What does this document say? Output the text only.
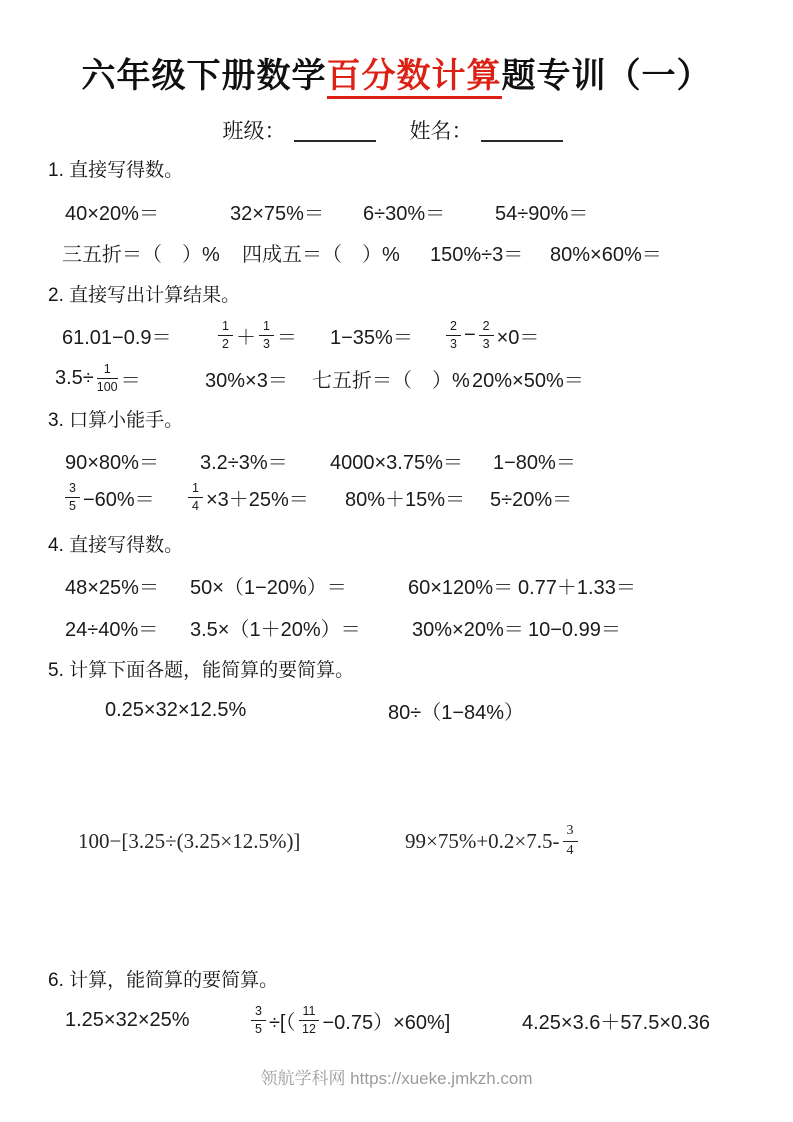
六年级下册数学百分数计算题专训（一）
班级：	姓名：
1. 直接写得数。
40×20%＝	32×75%＝ 6÷30%＝ 54÷90%＝
三五折＝（　）% 四成五＝（　）% 150%÷3＝ 80%×60%＝
2. 直接写出计算结果。
61.01−0.9＝	$\frac{1}{2} + \frac{1}{3} = 1-35\%=$	$\frac{2}{3} - \frac{2}{3} \times 0=$
$3.5\div \frac{1}{100}$ ＝	30%×3＝ 七五折＝（　）% 20%×50%＝
3. 口算小能手。
90×80%＝ 3.2÷3%＝ 4000×3.75%＝ 1−80%＝
$\frac{3}{5} -60\%=$	$\frac{1}{4} \times 3+25\%= 80\%+15\%= 5\div 20\%=$
4. 直接写得数。
48×25%＝ 50×（1−20%）＝	60×120%＝ 0.77＋1.33＝
24÷40%＝ 3.5×（1＋20%）＝	30%×20%＝ 10−0.99＝
5. 计算下面各题，能简算的要简算。
0.25×32×12.5%	80÷（1−84%）
100−[3.25÷(3.25×12.5%)]	$99\times 75\%+0.2\times 7.5- \frac{3}{4}$
6. 计算，能简算的要简算。
1.25×32×25%	$\frac{3}{5}$ ÷[（ $\frac{11}{12} -0.75)\times 60\%$]	4.25×3.6＋57.5×0.36
领航学科网 https://xueke.jmkzh.com
